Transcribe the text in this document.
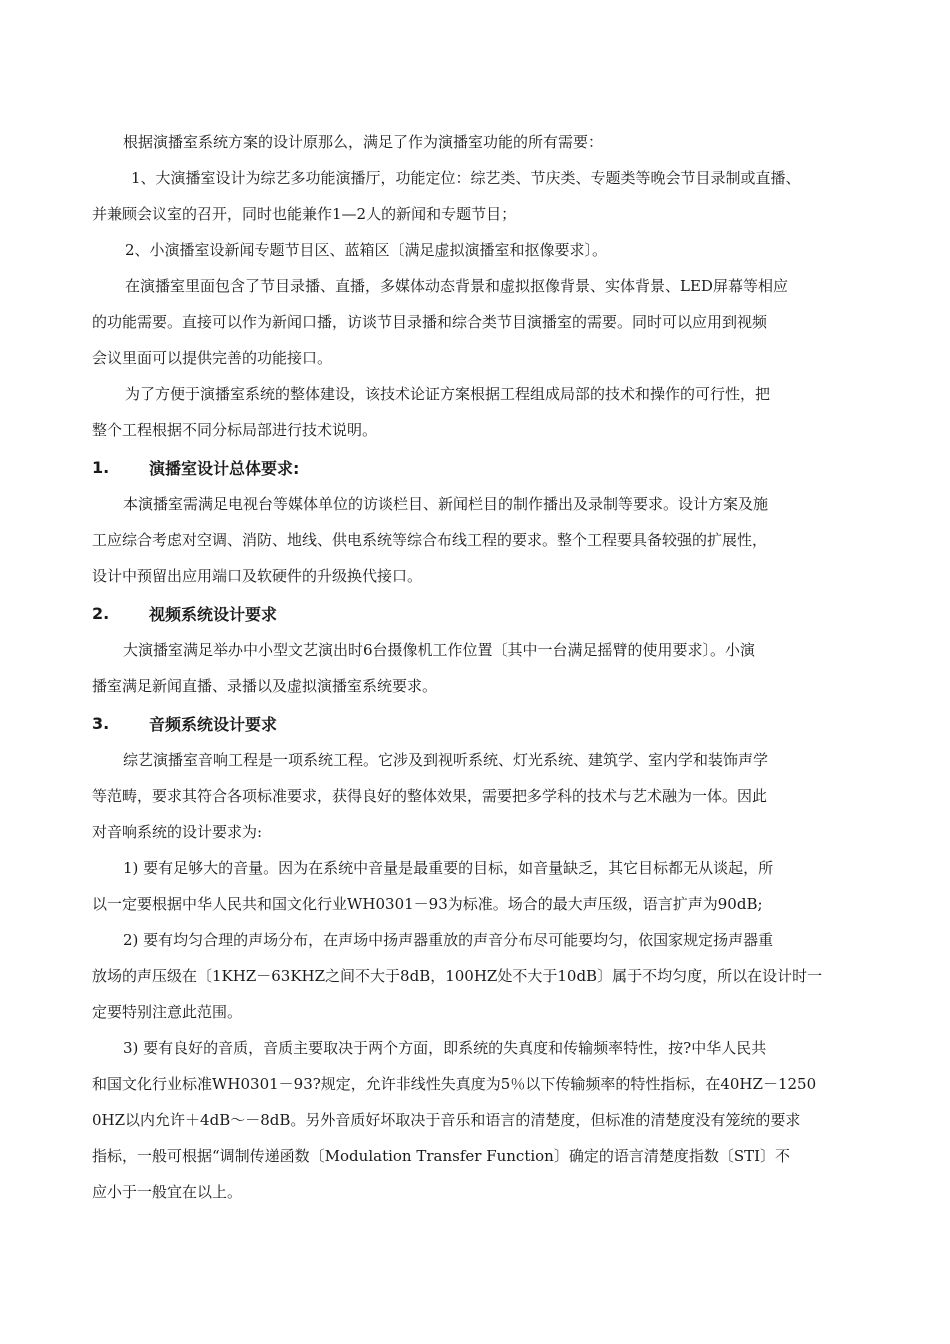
根据演播室系统方案的设计原那么，满足了作为演播室功能的所有需要：

1、大演播室设计为综艺多功能演播厅，功能定位：综艺类、节庆类、专题类等晚会节目录制或直播、

并兼顾会议室的召开，同时也能兼作1—2人的新闻和专题节目；

2、小演播室设新闻专题节目区、蓝箱区〔满足虚拟演播室和抠像要求〕。

在演播室里面包含了节目录播、直播，多媒体动态背景和虚拟抠像背景、实体背景、LED屏幕等相应

的功能需要。直接可以作为新闻口播，访谈节目录播和综合类节目演播室的需要。同时可以应用到视频

会议里面可以提供完善的功能接口。

为了方便于演播室系统的整体建设，该技术论证方案根据工程组成局部的技术和操作的可行性，把

整个工程根据不同分标局部进行技术说明。

1.	演播室设计总体要求:

本演播室需满足电视台等媒体单位的访谈栏目、新闻栏目的制作播出及录制等要求。设计方案及施

工应综合考虑对空调、消防、地线、供电系统等综合布线工程的要求。整个工程要具备较强的扩展性，

设计中预留出应用端口及软硬件的升级换代接口。

2.	视频系统设计要求

大演播室满足举办中小型文艺演出时6台摄像机工作位置〔其中一台满足摇臂的使用要求〕。小演

播室满足新闻直播、录播以及虚拟演播室系统要求。

3.	音频系统设计要求

综艺演播室音响工程是一项系统工程。它涉及到视听系统、灯光系统、建筑学、室内学和装饰声学

等范畴，要求其符合各项标准要求，获得良好的整体效果，需要把多学科的技术与艺术融为一体。因此

对音响系统的设计要求为:

1) 要有足够大的音量。因为在系统中音量是最重要的目标，如音量缺乏，其它目标都无从谈起，所

以一定要根据中华人民共和国文化行业WH0301－93为标准。场合的最大声压级，语言扩声为90dB;

2) 要有均匀合理的声场分布，在声场中扬声器重放的声音分布尽可能要均匀，依国家规定扬声器重

放场的声压级在〔1KHZ－63KHZ之间不大于8dB，100HZ处不大于10dB〕属于不均匀度，所以在设计时一

定要特别注意此范围。

3) 要有良好的音质，音质主要取决于两个方面，即系统的失真度和传输频率特性，按?中华人民共

和国文化行业标准WH0301－93?规定，允许非线性失真度为5％以下传输频率的特性指标，在40HZ－1250

0HZ以内允许＋4dB～－8dB。另外音质好坏取决于音乐和语言的清楚度，但标准的清楚度没有笼统的要求

指标，一般可根据“调制传递函数〔Modulation Transfer Function〕确定的语言清楚度指数〔STI〕不

应小于一般宜在以上。
